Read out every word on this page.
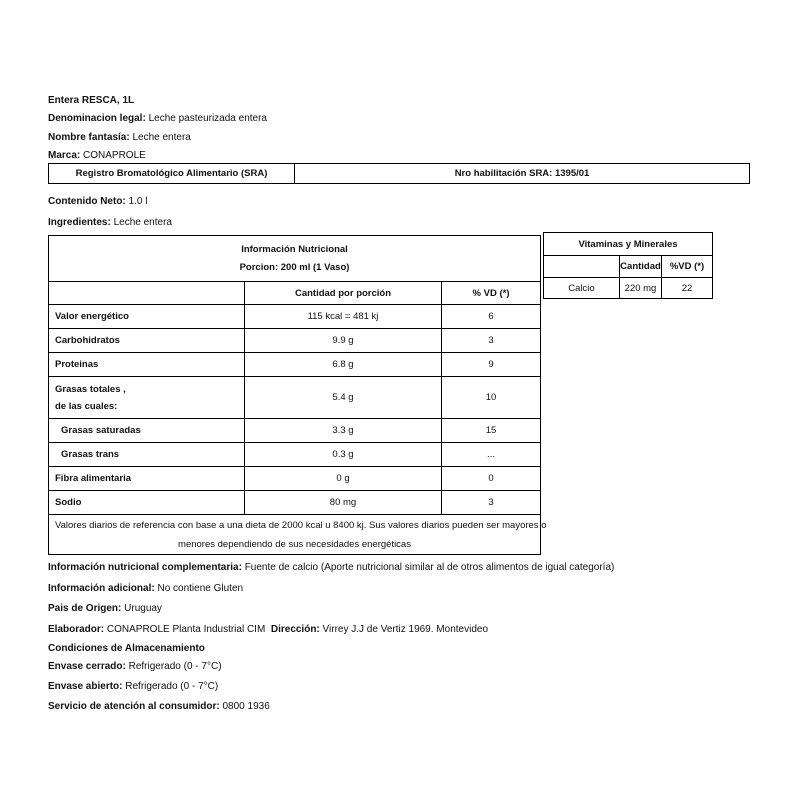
Entera RESCA, 1L
Denominacion legal: Leche pasteurizada entera
Nombre fantasía: Leche entera
Marca: CONAPROLE
Registro Bromatológico Alimentario (SRA)	Nro habilitación SRA: 1395/01
Contenido Neto: 1.0 l
Ingredientes: Leche entera
Información Nutricional
Porcion: 200 ml (1 Vaso)		

	Cantidad por porción	% VD (*)
Valor energético	115 kcal = 481 kj	6
Carbohidratos	9.9 g	3
Proteinas	6.8 g	9

Grasas totales ,
de las cuales:	5.4 g	10
Grasas saturadas	3.3 g	15
Grasas trans	0.3 g	...
Fibra alimentaria	0 g	0
Sodio	80 mg	3

Valores diarios de referencia con base a una dieta de 2000 kcal u 8400 kj. Sus valores diarios pueden ser mayores o
menores dependiendo de sus necesidades energéticas		
Vitaminas y Minerales		
	Cantidad	%VD (*)
Calcio	220 mg	22
Información nutricional complementaria: Fuente de calcio (Aporte nutricional similar al de otros alimentos de igual categoría)
Información adicional: No contiene Gluten
Pais de Origen: Uruguay
Elaborador: CONAPROLE Planta Industrial CIM Dirección: Virrey J.J de Vertiz 1969. Montevideo
Condiciones de Almacenamiento
Envase cerrado: Refrigerado (0 - 7°C)
Envase abierto: Refrigerado (0 - 7°C)
Servicio de atención al consumidor: 0800 1936
